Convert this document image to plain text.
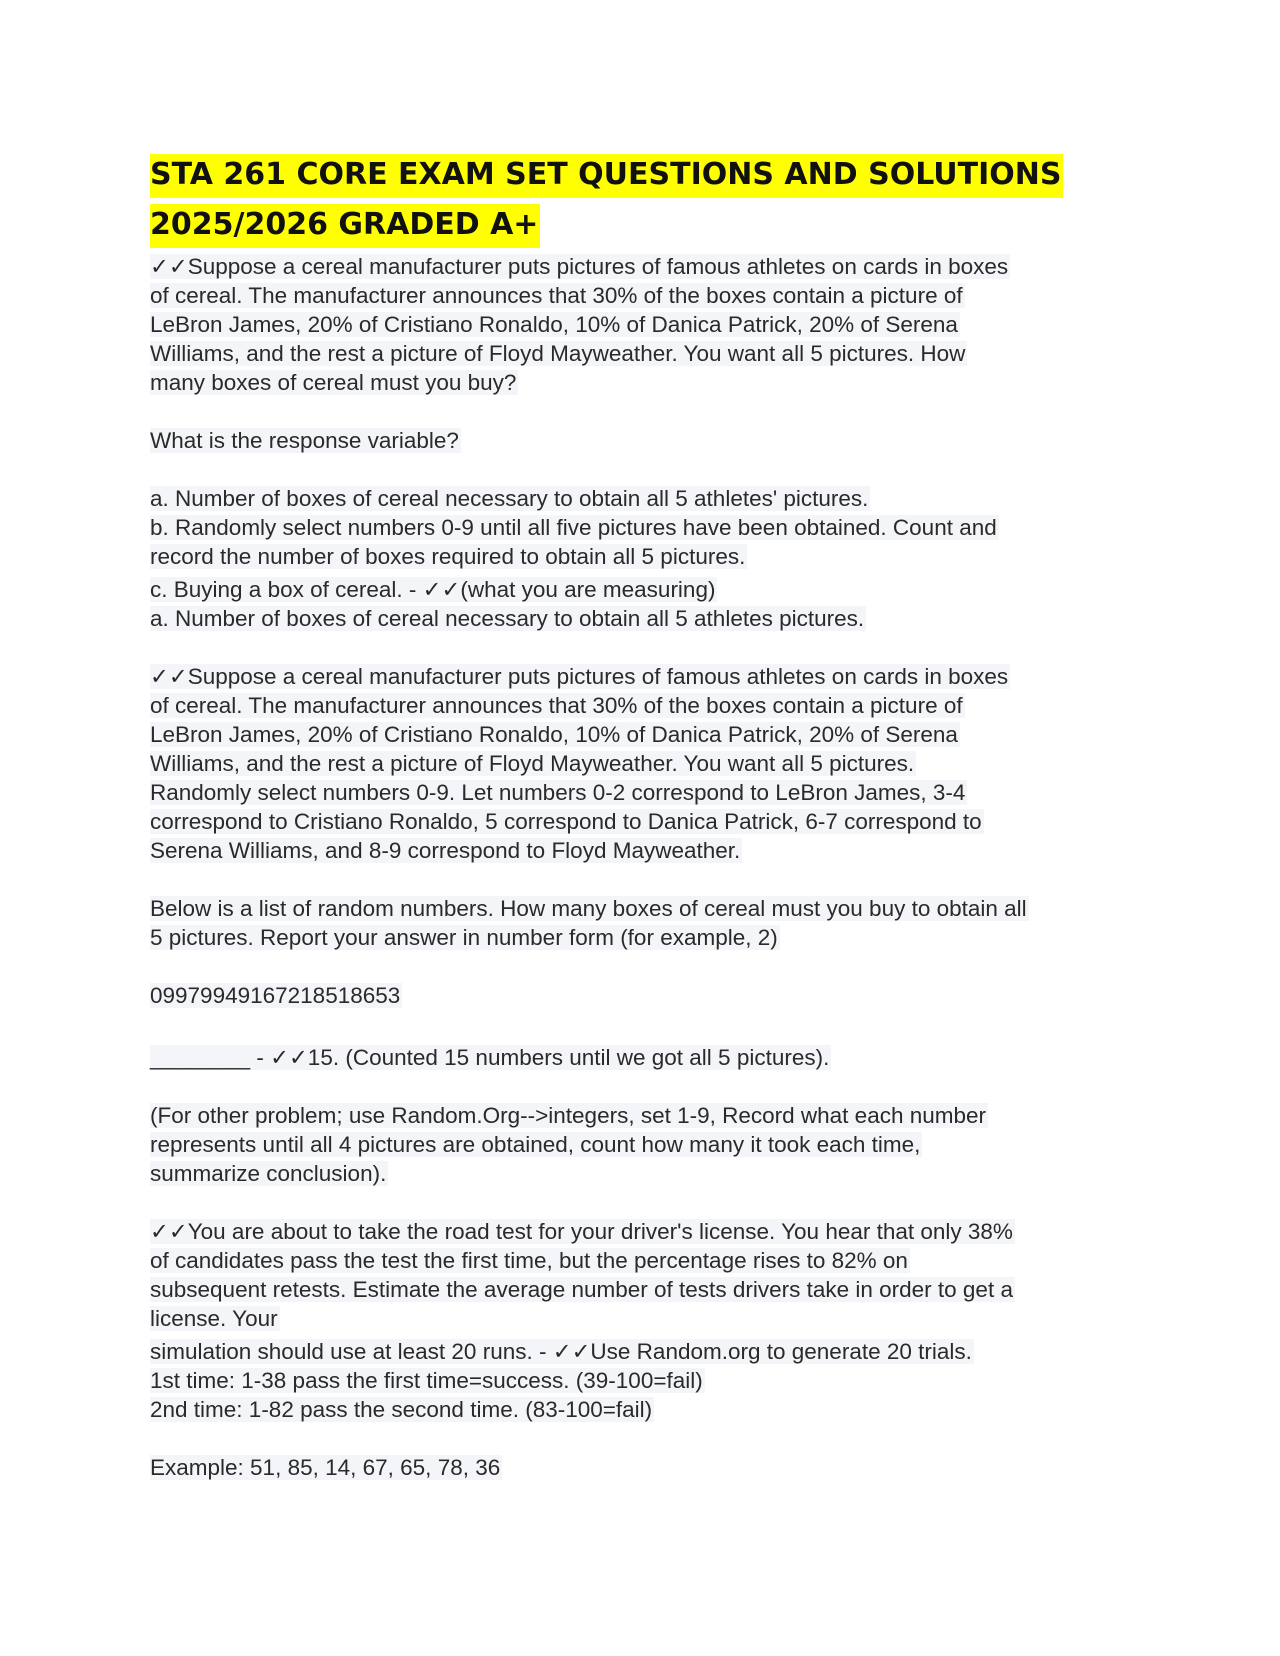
STA 261 CORE EXAM SET QUESTIONS AND SOLUTIONS
2025/2026 GRADED A+

✓✓Suppose a cereal manufacturer puts pictures of famous athletes on cards in boxes

of cereal. The manufacturer announces that 30% of the boxes contain a picture of

LeBron James, 20% of Cristiano Ronaldo, 10% of Danica Patrick, 20% of Serena

Williams, and the rest a picture of Floyd Mayweather. You want all 5 pictures. How

many boxes of cereal must you buy?

What is the response variable?

a. Number of boxes of cereal necessary to obtain all 5 athletes' pictures.

b. Randomly select numbers 0-9 until all five pictures have been obtained. Count and

record the number of boxes required to obtain all 5 pictures.

c. Buying a box of cereal. - ✓✓(what you are measuring)

a. Number of boxes of cereal necessary to obtain all 5 athletes pictures.

✓✓Suppose a cereal manufacturer puts pictures of famous athletes on cards in boxes

of cereal. The manufacturer announces that 30% of the boxes contain a picture of

LeBron James, 20% of Cristiano Ronaldo, 10% of Danica Patrick, 20% of Serena

Williams, and the rest a picture of Floyd Mayweather. You want all 5 pictures.

Randomly select numbers 0-9. Let numbers 0-2 correspond to LeBron James, 3-4

correspond to Cristiano Ronaldo, 5 correspond to Danica Patrick, 6-7 correspond to

Serena Williams, and 8-9 correspond to Floyd Mayweather.

Below is a list of random numbers. How many boxes of cereal must you buy to obtain all

5 pictures. Report your answer in number form (for example, 2)

09979949167218518653

________ - ✓✓15. (Counted 15 numbers until we got all 5 pictures).

(For other problem; use Random.Org-->integers, set 1-9, Record what each number

represents until all 4 pictures are obtained, count how many it took each time,

summarize conclusion).

✓✓You are about to take the road test for your driver's license. You hear that only 38%

of candidates pass the test the first time, but the percentage rises to 82% on

subsequent retests. Estimate the average number of tests drivers take in order to get a

license. Your

simulation should use at least 20 runs. - ✓✓Use Random.org to generate 20 trials.

1st time: 1-38 pass the first time=success. (39-100=fail)

2nd time: 1-82 pass the second time. (83-100=fail)

Example: 51, 85, 14, 67, 65, 78, 36
